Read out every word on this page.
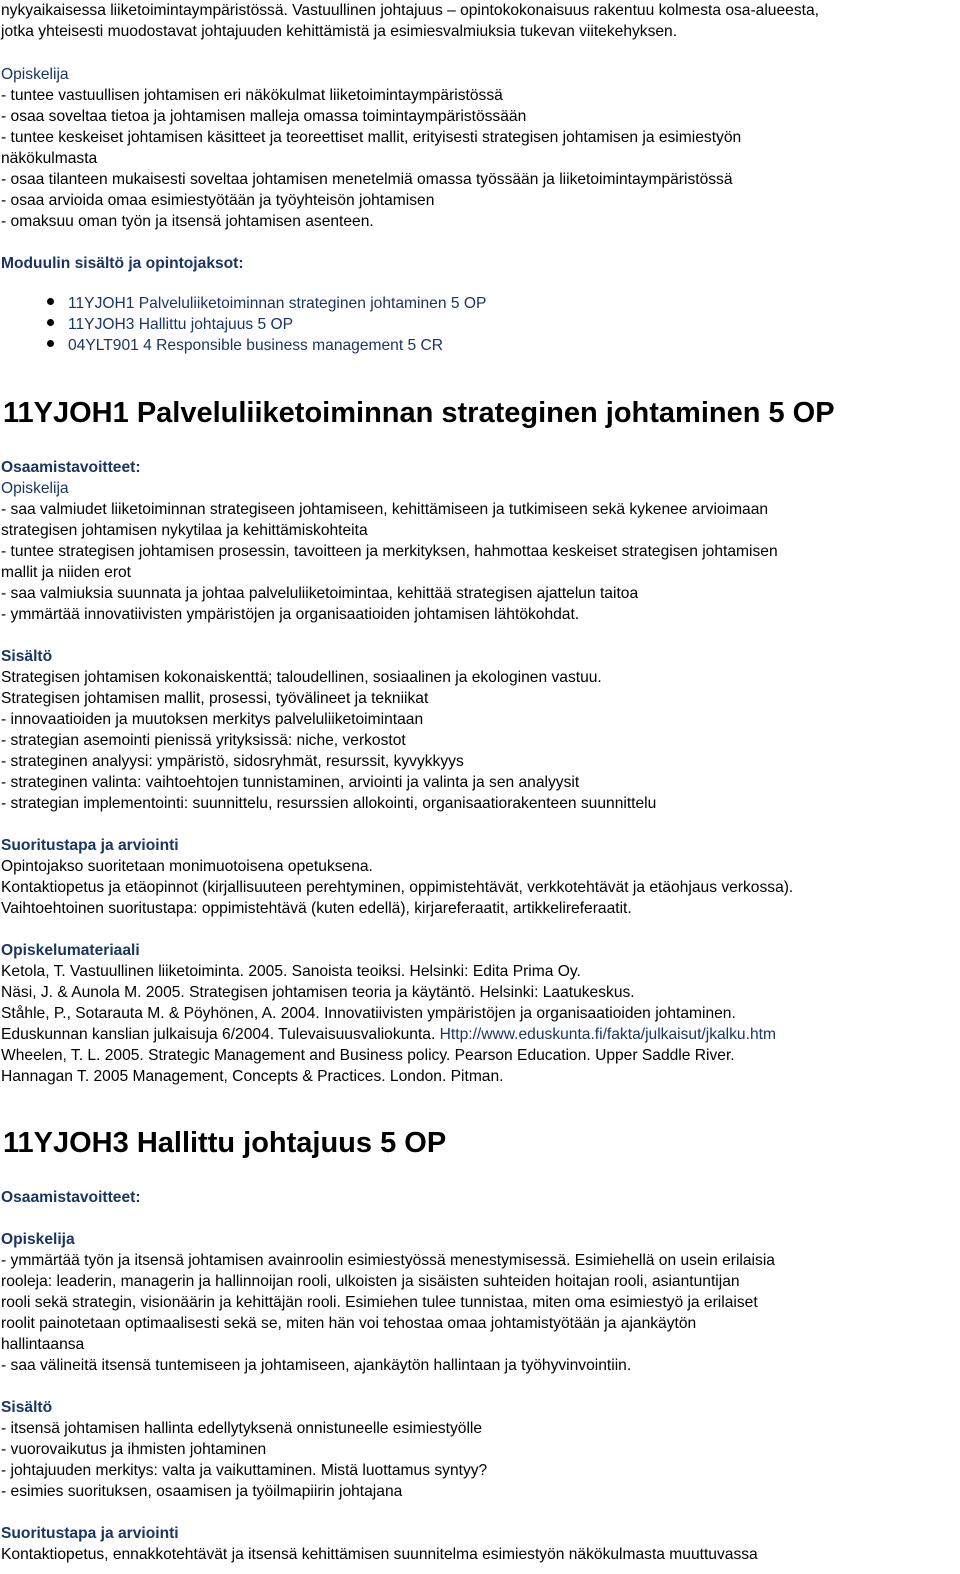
nykyaikaisessa liiketoimintaympäristössä. Vastuullinen johtajuus – opintokokonaisuus rakentuu kolmesta osa-alueesta,
jotka yhteisesti muodostavat johtajuuden kehittämistä ja esimiesvalmiuksia tukevan viitekehyksen.
Opiskelija
- tuntee vastuullisen johtamisen eri näkökulmat liiketoimintaympäristössä
- osaa soveltaa tietoa ja johtamisen malleja omassa toimintaympäristössään
- tuntee keskeiset johtamisen käsitteet ja teoreettiset mallit, erityisesti strategisen johtamisen ja esimiestyön
näkökulmasta
- osaa tilanteen mukaisesti soveltaa johtamisen menetelmiä omassa työssään ja liiketoimintaympäristössä
- osaa arvioida omaa esimiestyötään ja työyhteisön johtamisen
- omaksuu oman työn ja itsensä johtamisen asenteen.
Moduulin sisältö ja opintojaksot:
11YJOH1 Palveluliiketoiminnan strateginen johtaminen 5 OP
11YJOH3 Hallittu johtajuus 5 OP
04YLT901 4 Responsible business management 5 CR
11YJOH1 Palveluliiketoiminnan strateginen johtaminen 5 OP
Osaamistavoitteet:
Opiskelija
- saa valmiudet liiketoiminnan strategiseen johtamiseen, kehittämiseen ja tutkimiseen sekä kykenee arvioimaan
strategisen johtamisen nykytilaa ja kehittämiskohteita
- tuntee strategisen johtamisen prosessin, tavoitteen ja merkityksen, hahmottaa keskeiset strategisen johtamisen
mallit ja niiden erot
- saa valmiuksia suunnata ja johtaa palveluliiketoimintaa, kehittää strategisen ajattelun taitoa
- ymmärtää innovatiivisten ympäristöjen ja organisaatioiden johtamisen lähtökohdat.
Sisältö
Strategisen johtamisen kokonaiskenttä; taloudellinen, sosiaalinen ja ekologinen vastuu.
Strategisen johtamisen mallit, prosessi, työvälineet ja tekniikat
- innovaatioiden ja muutoksen merkitys palveluliiketoimintaan
- strategian asemointi pienissä yrityksissä: niche, verkostot
- strateginen analyysi: ympäristö, sidosryhmät, resurssit, kyvykkyys
- strateginen valinta: vaihtoehtojen tunnistaminen, arviointi ja valinta ja sen analyysit
- strategian implementointi: suunnittelu, resurssien allokointi, organisaatiorakenteen suunnittelu
Suoritustapa ja arviointi
Opintojakso suoritetaan monimuotoisena opetuksena.
Kontaktiopetus ja etäopinnot (kirjallisuuteen perehtyminen, oppimistehtävät, verkkotehtävät ja etäohjaus verkossa).
Vaihtoehtoinen suoritustapa: oppimistehtävä (kuten edellä), kirjareferaatit, artikkelireferaatit.
Opiskelumateriaali
Ketola, T. Vastuullinen liiketoiminta. 2005. Sanoista teoiksi. Helsinki: Edita Prima Oy.
Näsi, J. & Aunola M. 2005. Strategisen johtamisen teoria ja käytäntö. Helsinki: Laatukeskus.
Ståhle, P., Sotarauta M. & Pöyhönen, A. 2004. Innovatiivisten ympäristöjen ja organisaatioiden johtaminen.
Eduskunnan kanslian julkaisuja 6/2004. Tulevaisuusvaliokunta. Http://www.eduskunta.fi/fakta/julkaisut/jkalku.htm
Wheelen, T. L. 2005. Strategic Management and Business policy. Pearson Education. Upper Saddle River.
Hannagan T. 2005 Management, Concepts & Practices. London. Pitman.
11YJOH3 Hallittu johtajuus 5 OP
Osaamistavoitteet:
Opiskelija
- ymmärtää työn ja itsensä johtamisen avainroolin esimiestyössä menestymisessä. Esimiehellä on usein erilaisia
rooleja: leaderin, managerin ja hallinnoijan rooli, ulkoisten ja sisäisten suhteiden hoitajan rooli, asiantuntijan
rooli sekä strategin, visionäärin ja kehittäjän rooli. Esimiehen tulee tunnistaa, miten oma esimiestyö ja erilaiset
roolit painotetaan optimaalisesti sekä se, miten hän voi tehostaa omaa johtamistyötään ja ajankäytön
hallintaansa
- saa välineitä itsensä tuntemiseen ja johtamiseen, ajankäytön hallintaan ja työhyvinvointiin.
Sisältö
- itsensä johtamisen hallinta edellytyksenä onnistuneelle esimiestyölle
- vuorovaikutus ja ihmisten johtaminen
- johtajuuden merkitys: valta ja vaikuttaminen. Mistä luottamus syntyy?
- esimies suorituksen, osaamisen ja työilmapiirin johtajana
Suoritustapa ja arviointi
Kontaktiopetus, ennakkotehtävät ja itsensä kehittämisen suunnitelma esimiestyön näkökulmasta muuttuvassa
